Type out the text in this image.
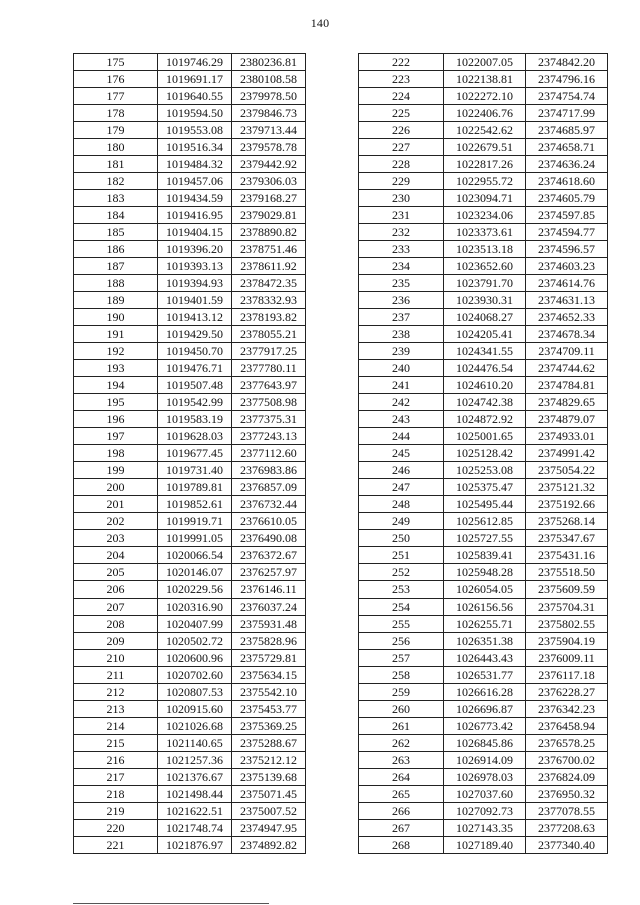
140
175	1019746.29	2380236.81
176	1019691.17	2380108.58
177	1019640.55	2379978.50
178	1019594.50	2379846.73
179	1019553.08	2379713.44
180	1019516.34	2379578.78
181	1019484.32	2379442.92
182	1019457.06	2379306.03
183	1019434.59	2379168.27
184	1019416.95	2379029.81
185	1019404.15	2378890.82
186	1019396.20	2378751.46
187	1019393.13	2378611.92
188	1019394.93	2378472.35
189	1019401.59	2378332.93
190	1019413.12	2378193.82
191	1019429.50	2378055.21
192	1019450.70	2377917.25
193	1019476.71	2377780.11
194	1019507.48	2377643.97
195	1019542.99	2377508.98
196	1019583.19	2377375.31
197	1019628.03	2377243.13
198	1019677.45	2377112.60
199	1019731.40	2376983.86
200	1019789.81	2376857.09
201	1019852.61	2376732.44
202	1019919.71	2376610.05
203	1019991.05	2376490.08
204	1020066.54	2376372.67
205	1020146.07	2376257.97
206	1020229.56	2376146.11
207	1020316.90	2376037.24
208	1020407.99	2375931.48
209	1020502.72	2375828.96
210	1020600.96	2375729.81
211	1020702.60	2375634.15
212	1020807.53	2375542.10
213	1020915.60	2375453.77
214	1021026.68	2375369.25
215	1021140.65	2375288.67
216	1021257.36	2375212.12
217	1021376.67	2375139.68
218	1021498.44	2375071.45
219	1021622.51	2375007.52
220	1021748.74	2374947.95
221	1021876.97	2374892.82
222	1022007.05	2374842.20
223	1022138.81	2374796.16
224	1022272.10	2374754.74
225	1022406.76	2374717.99
226	1022542.62	2374685.97
227	1022679.51	2374658.71
228	1022817.26	2374636.24
229	1022955.72	2374618.60
230	1023094.71	2374605.79
231	1023234.06	2374597.85
232	1023373.61	2374594.77
233	1023513.18	2374596.57
234	1023652.60	2374603.23
235	1023791.70	2374614.76
236	1023930.31	2374631.13
237	1024068.27	2374652.33
238	1024205.41	2374678.34
239	1024341.55	2374709.11
240	1024476.54	2374744.62
241	1024610.20	2374784.81
242	1024742.38	2374829.65
243	1024872.92	2374879.07
244	1025001.65	2374933.01
245	1025128.42	2374991.42
246	1025253.08	2375054.22
247	1025375.47	2375121.32
248	1025495.44	2375192.66
249	1025612.85	2375268.14
250	1025727.55	2375347.67
251	1025839.41	2375431.16
252	1025948.28	2375518.50
253	1026054.05	2375609.59
254	1026156.56	2375704.31
255	1026255.71	2375802.55
256	1026351.38	2375904.19
257	1026443.43	2376009.11
258	1026531.77	2376117.18
259	1026616.28	2376228.27
260	1026696.87	2376342.23
261	1026773.42	2376458.94
262	1026845.86	2376578.25
263	1026914.09	2376700.02
264	1026978.03	2376824.09
265	1027037.60	2376950.32
266	1027092.73	2377078.55
267	1027143.35	2377208.63
268	1027189.40	2377340.40
